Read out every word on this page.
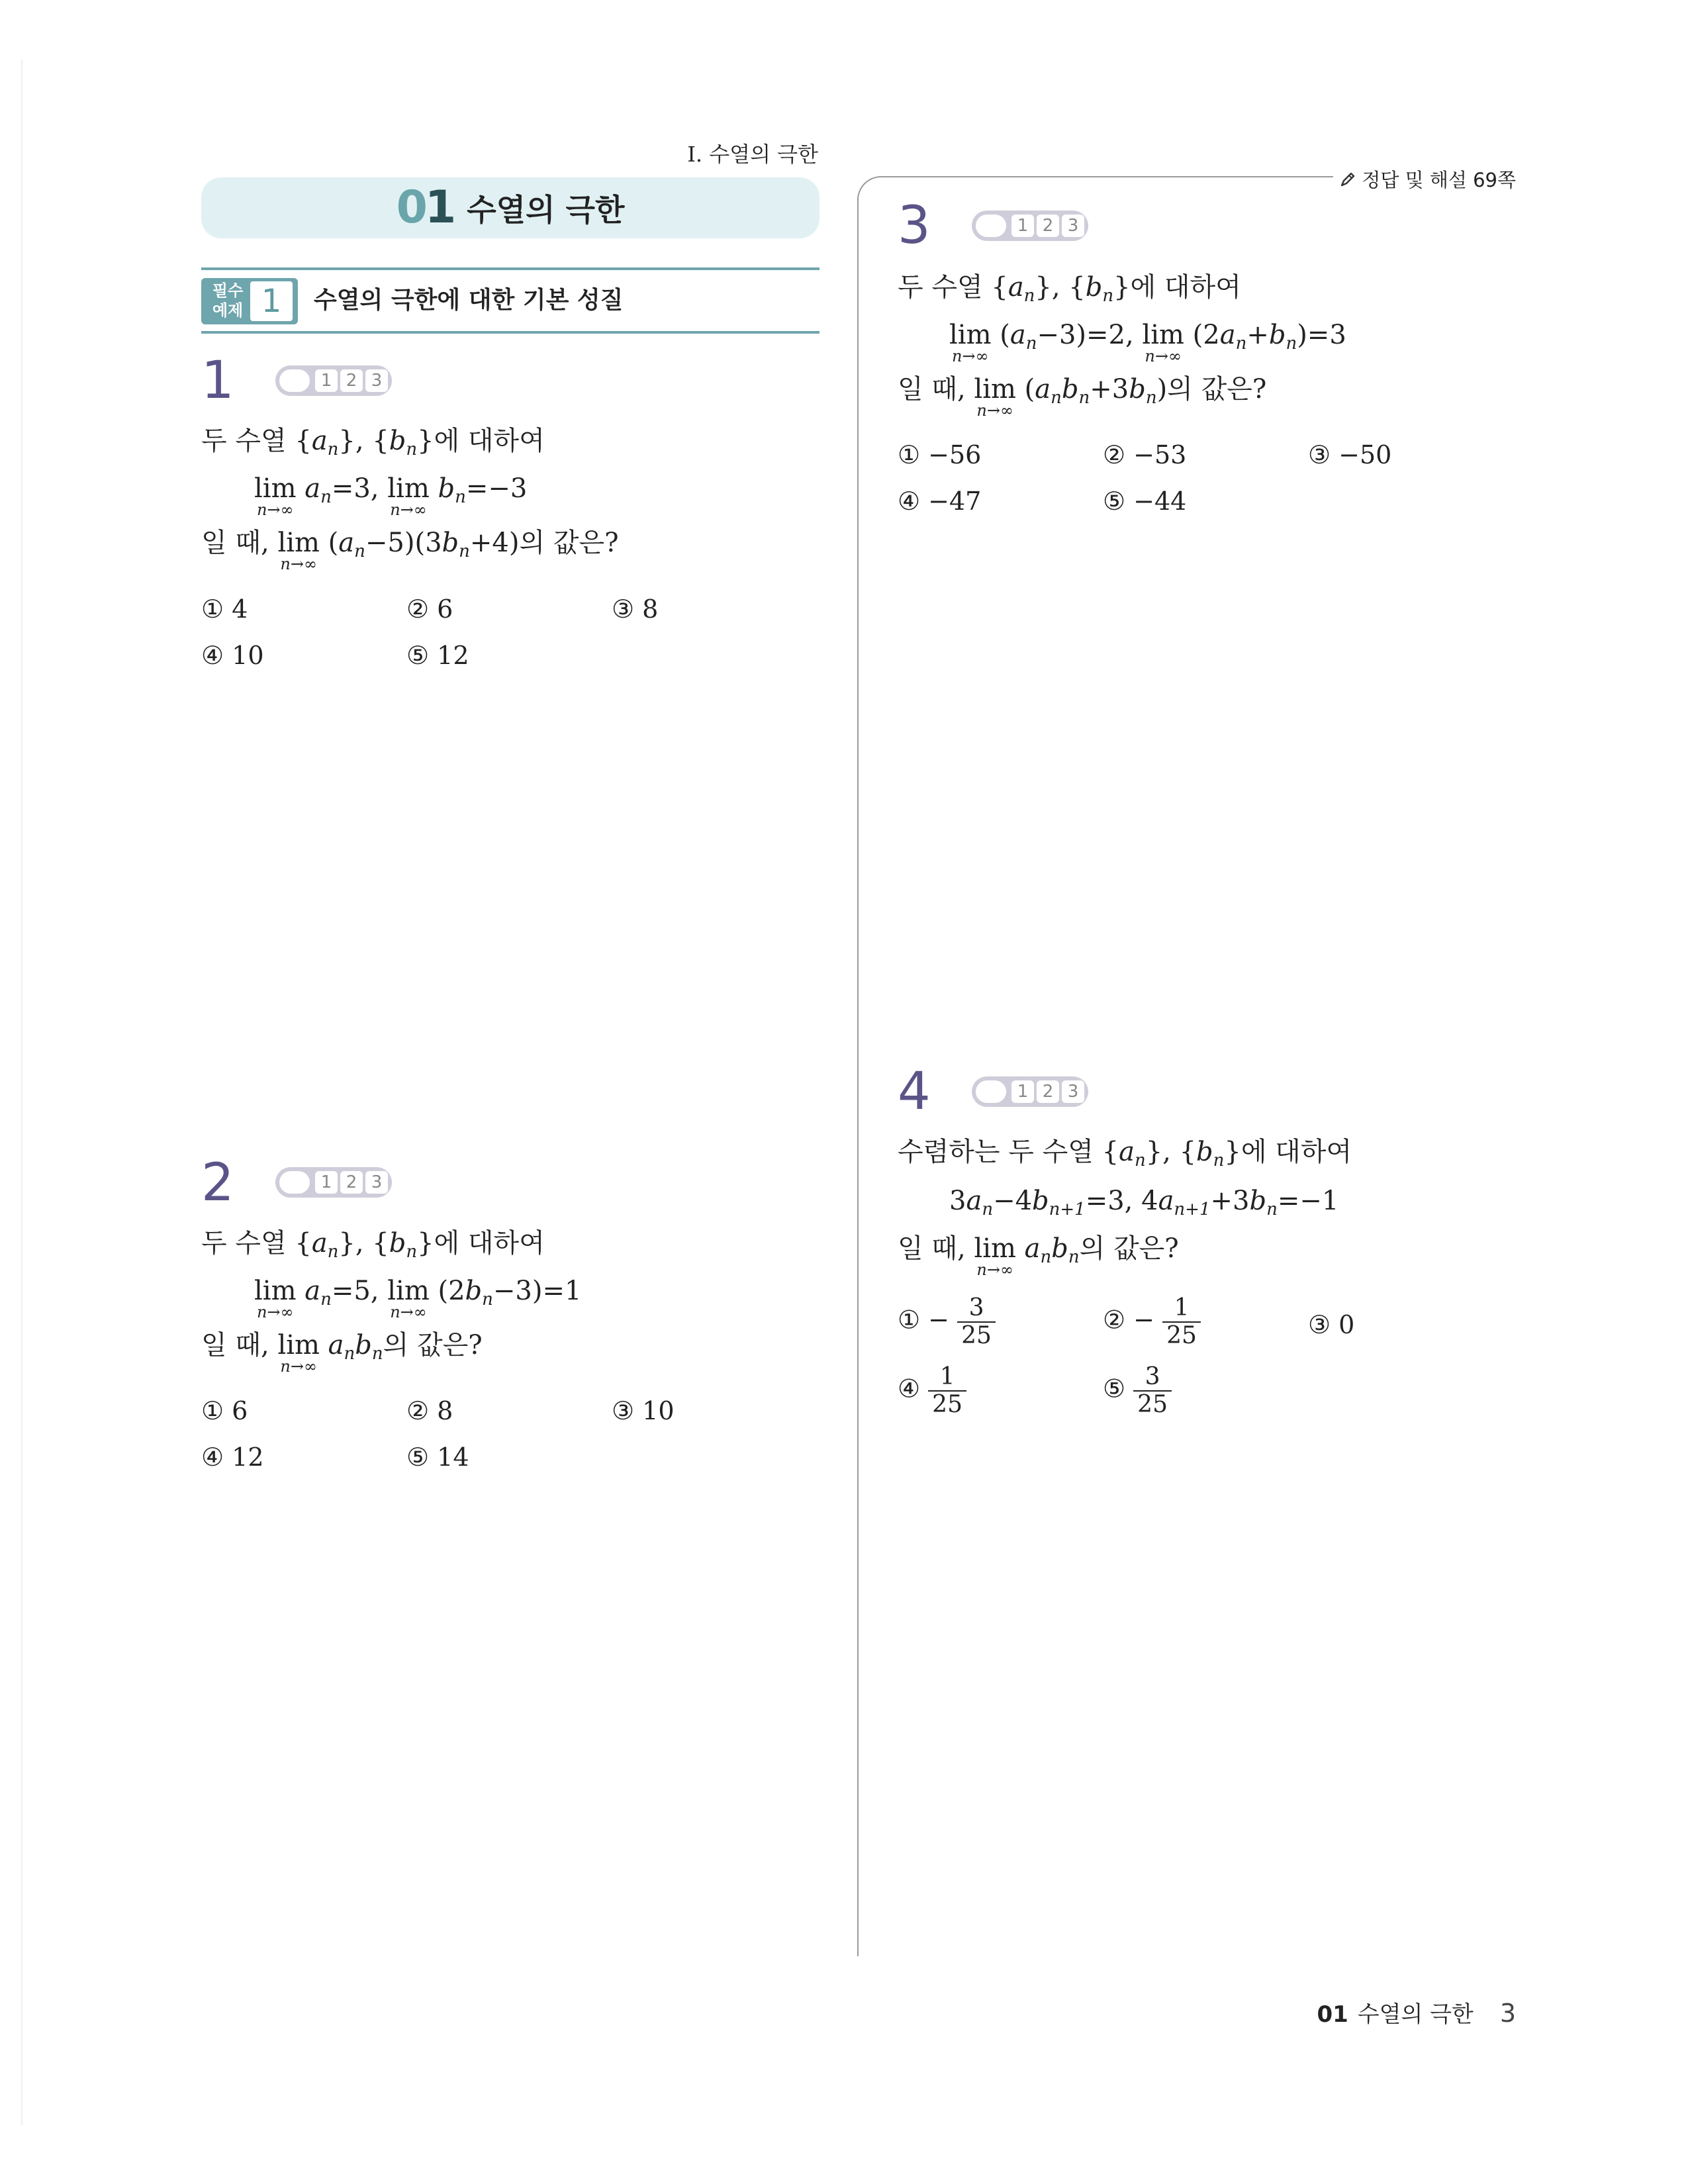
I. 수열의 극한
01 수열의 극한
정답 및 해설 69쪽
필수
예제 1	수열의 극한에 대한 기본 성질
1	1 2 3
두 수열 $\{a_n\}$, $\{b_n\}$에 대하여
lim
n→∞
$a_n=3$, lim
n→∞
$b_n=-3$
일 때, lim
n→∞
$(a_n-5)(3b_n+4)$의 값은?
① 4	② 6	③ 8
④ 10	⑤ 12
2	1 2 3
두 수열 $\{a_n\}$, $\{b_n\}$에 대하여
lim
n→∞
$a_n=5$, lim
n→∞
$(2b_n-3)=1$
일 때, lim
n→∞
$a_nb_n$의 값은?
① 6	② 8	③ 10
④ 12	⑤ 14
3	1 2 3
두 수열 $\{a_n\}$, $\{b_n\}$에 대하여
lim
n→∞
$(a_n-3)=2$, lim
n→∞
$(2a_n+b_n)=3$
일 때, lim
n→∞
$(a_nb_n+3b_n)$의 값은?
① −56	② −53	③ −50
④ −47	⑤ −44
4	1 2 3
수렴하는 두 수열 $\{a_n\}$, $\{b_n\}$에 대하여
$3a_n-4b_{n+1}=3$, $4a_{n+1}+3b_n=-1$
일 때, lim
n→∞
$a_nb_n$의 값은?
① − $\frac{3}{25}$	② − $\frac{1}{25}$	③ 0
④ $\frac{1}{25}$	⑤ $\frac{3}{25}$
01 수열의 극한 3
